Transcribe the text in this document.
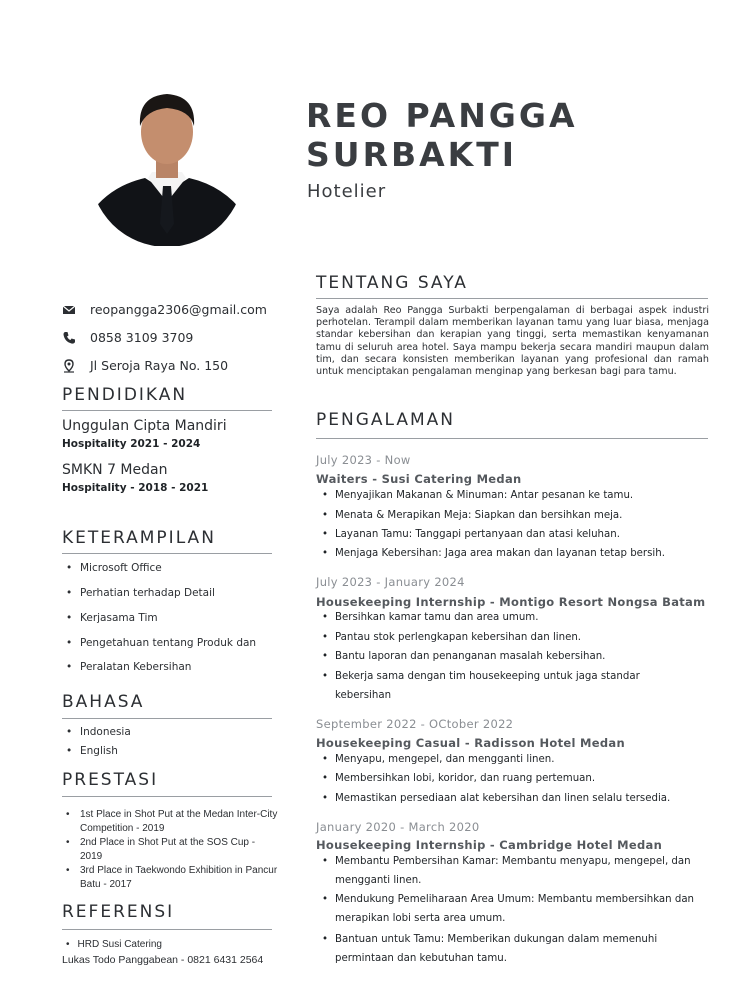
REO PANGGA
SURBAKTI
Hotelier
reopangga2306@gmail.com
0858 3109 3709
Jl Seroja Raya No. 150
PENDIDIKAN
Unggulan Cipta Mandiri
Hospitality 2021 - 2024
SMKN 7 Medan
Hospitality - 2018 - 2021
KETERAMPILAN
• Microsoft Office
• Perhatian terhadap Detail
• Kerjasama Tim
• Pengetahuan tentang Produk dan
• Peralatan Kebersihan
BAHASA
• Indonesia
• English
PRESTASI
• 1st Place in Shot Put at the Medan Inter-City Competition - 2019
• 2nd Place in Shot Put at the SOS Cup - 2019
• 3rd Place in Taekwondo Exhibition in Pancur Batu - 2017
REFERENSI
• HRD Susi Catering
Lukas Todo Panggabean - 0821 6431 2564
TENTANG SAYA
Saya adalah Reo Pangga Surbakti berpengalaman di berbagai aspek industri perhotelan. Terampil dalam memberikan layanan tamu yang luar biasa, menjaga standar kebersihan dan kerapian yang tinggi, serta memastikan kenyamanan tamu di seluruh area hotel. Saya mampu bekerja secara mandiri maupun dalam tim, dan secara konsisten memberikan layanan yang profesional dan ramah untuk menciptakan pengalaman menginap yang berkesan bagi para tamu.
PENGALAMAN
July 2023 - Now
Waiters - Susi Catering Medan
• Menyajikan Makanan & Minuman: Antar pesanan ke tamu.
• Menata & Merapikan Meja: Siapkan dan bersihkan meja.
• Layanan Tamu: Tanggapi pertanyaan dan atasi keluhan.
• Menjaga Kebersihan: Jaga area makan dan layanan tetap bersih.
July 2023 - January 2024
Housekeeping Internship - Montigo Resort Nongsa Batam
• Bersihkan kamar tamu dan area umum.
• Pantau stok perlengkapan kebersihan dan linen.
• Bantu laporan dan penanganan masalah kebersihan.
• Bekerja sama dengan tim housekeeping untuk jaga standar kebersihan
September 2022 - OCtober 2022
Housekeeping Casual - Radisson Hotel Medan
• Menyapu, mengepel, dan mengganti linen.
• Membersihkan lobi, koridor, dan ruang pertemuan.
• Memastikan persediaan alat kebersihan dan linen selalu tersedia.
January 2020 - March 2020
Housekeeping Internship - Cambridge Hotel Medan
• Membantu Pembersihan Kamar: Membantu menyapu, mengepel, dan mengganti linen.
• Mendukung Pemeliharaan Area Umum: Membantu membersihkan dan merapikan lobi serta area umum.
• Bantuan untuk Tamu: Memberikan dukungan dalam memenuhi permintaan dan kebutuhan tamu.
